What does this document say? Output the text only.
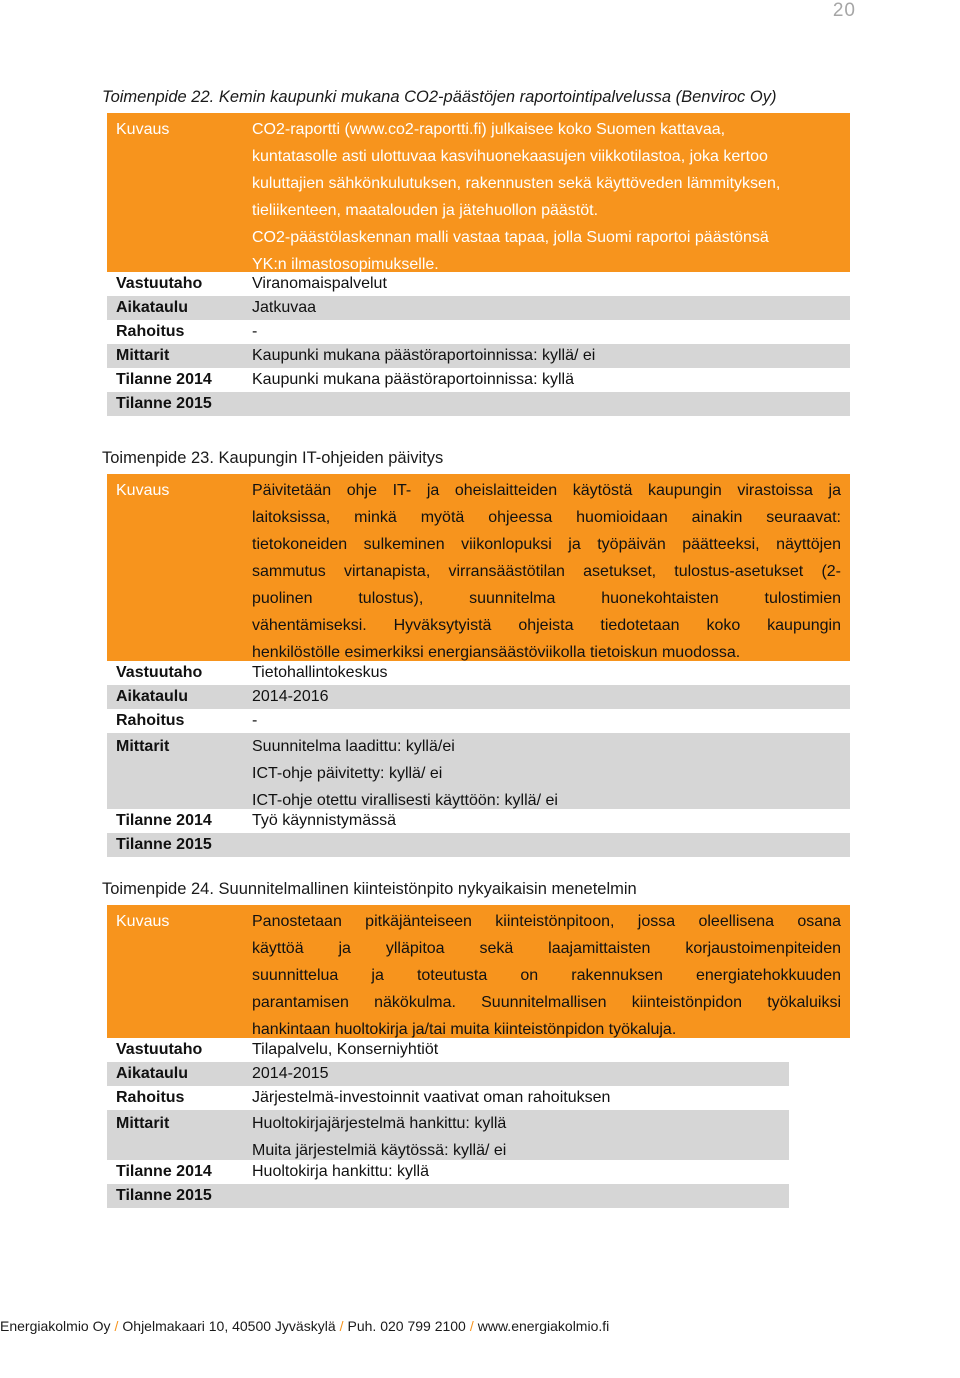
20
Toimenpide 22. Kemin kaupunki mukana CO2-päästöjen raportointipalvelussa (Benviroc Oy)
Kuvaus	CO2-raportti (www.co2-raportti.fi) julkaisee koko Suomen kattavaa,
kuntatasolle asti ulottuvaa kasvihuonekaasujen viikkotilastoa, joka kertoo
kuluttajien sähkönkulutuksen, rakennusten sekä käyttöveden lämmityksen,
tieliikenteen, maatalouden ja jätehuollon päästöt.
CO2-päästölaskennan malli vastaa tapaa, jolla Suomi raportoi päästönsä
YK:n ilmastosopimukselle.
Vastuutaho	Viranomaispalvelut
Aikataulu	Jatkuvaa
Rahoitus	-
Mittarit	Kaupunki mukana päästöraportoinnissa: kyllä/ ei
Tilanne 2014	Kaupunki mukana päästöraportoinnissa: kyllä
Tilanne 2015
Toimenpide 23. Kaupungin IT-ohjeiden päivitys
Kuvaus	Päivitetään ohje IT- ja oheislaitteiden käytöstä kaupungin virastoissa ja
laitoksissa, minkä myötä ohjeessa huomioidaan ainakin seuraavat:
tietokoneiden sulkeminen viikonlopuksi ja työpäivän päätteeksi, näyttöjen
sammutus virtanapista, virransäästötilan asetukset, tulostus-asetukset (2-
puolinen tulostus), suunnitelma huonekohtaisten tulostimien
vähentämiseksi. Hyväksytyistä ohjeista tiedotetaan koko kaupungin
henkilöstölle esimerkiksi energiansäästöviikolla tietoiskun muodossa.
Vastuutaho	Tietohallintokeskus
Aikataulu	2014-2016
Rahoitus	-
Mittarit	Suunnitelma laadittu: kyllä/ei
ICT-ohje päivitetty: kyllä/ ei
ICT-ohje otettu virallisesti käyttöön: kyllä/ ei
Tilanne 2014	Työ käynnistymässä
Tilanne 2015
Toimenpide 24. Suunnitelmallinen kiinteistönpito nykyaikaisin menetelmin
Kuvaus	Panostetaan pitkäjänteiseen kiinteistönpitoon, jossa oleellisena osana
käyttöä ja ylläpitoa sekä laajamittaisten korjaustoimenpiteiden
suunnittelua ja toteutusta on rakennuksen energiatehokkuuden
parantamisen näkökulma. Suunnitelmallisen kiinteistönpidon työkaluiksi
hankintaan huoltokirja ja/tai muita kiinteistönpidon työkaluja.
Vastuutaho	Tilapalvelu, Konserniyhtiöt
Aikataulu	2014-2015
Rahoitus	Järjestelmä-investoinnit vaativat oman rahoituksen
Mittarit	Huoltokirjajärjestelmä hankittu: kyllä
Muita järjestelmiä käytössä: kyllä/ ei
Tilanne 2014	Huoltokirja hankittu: kyllä
Tilanne 2015
Energiakolmio Oy / Ohjelmakaari 10, 40500 Jyväskylä / Puh. 020 799 2100 / www.energiakolmio.fi
